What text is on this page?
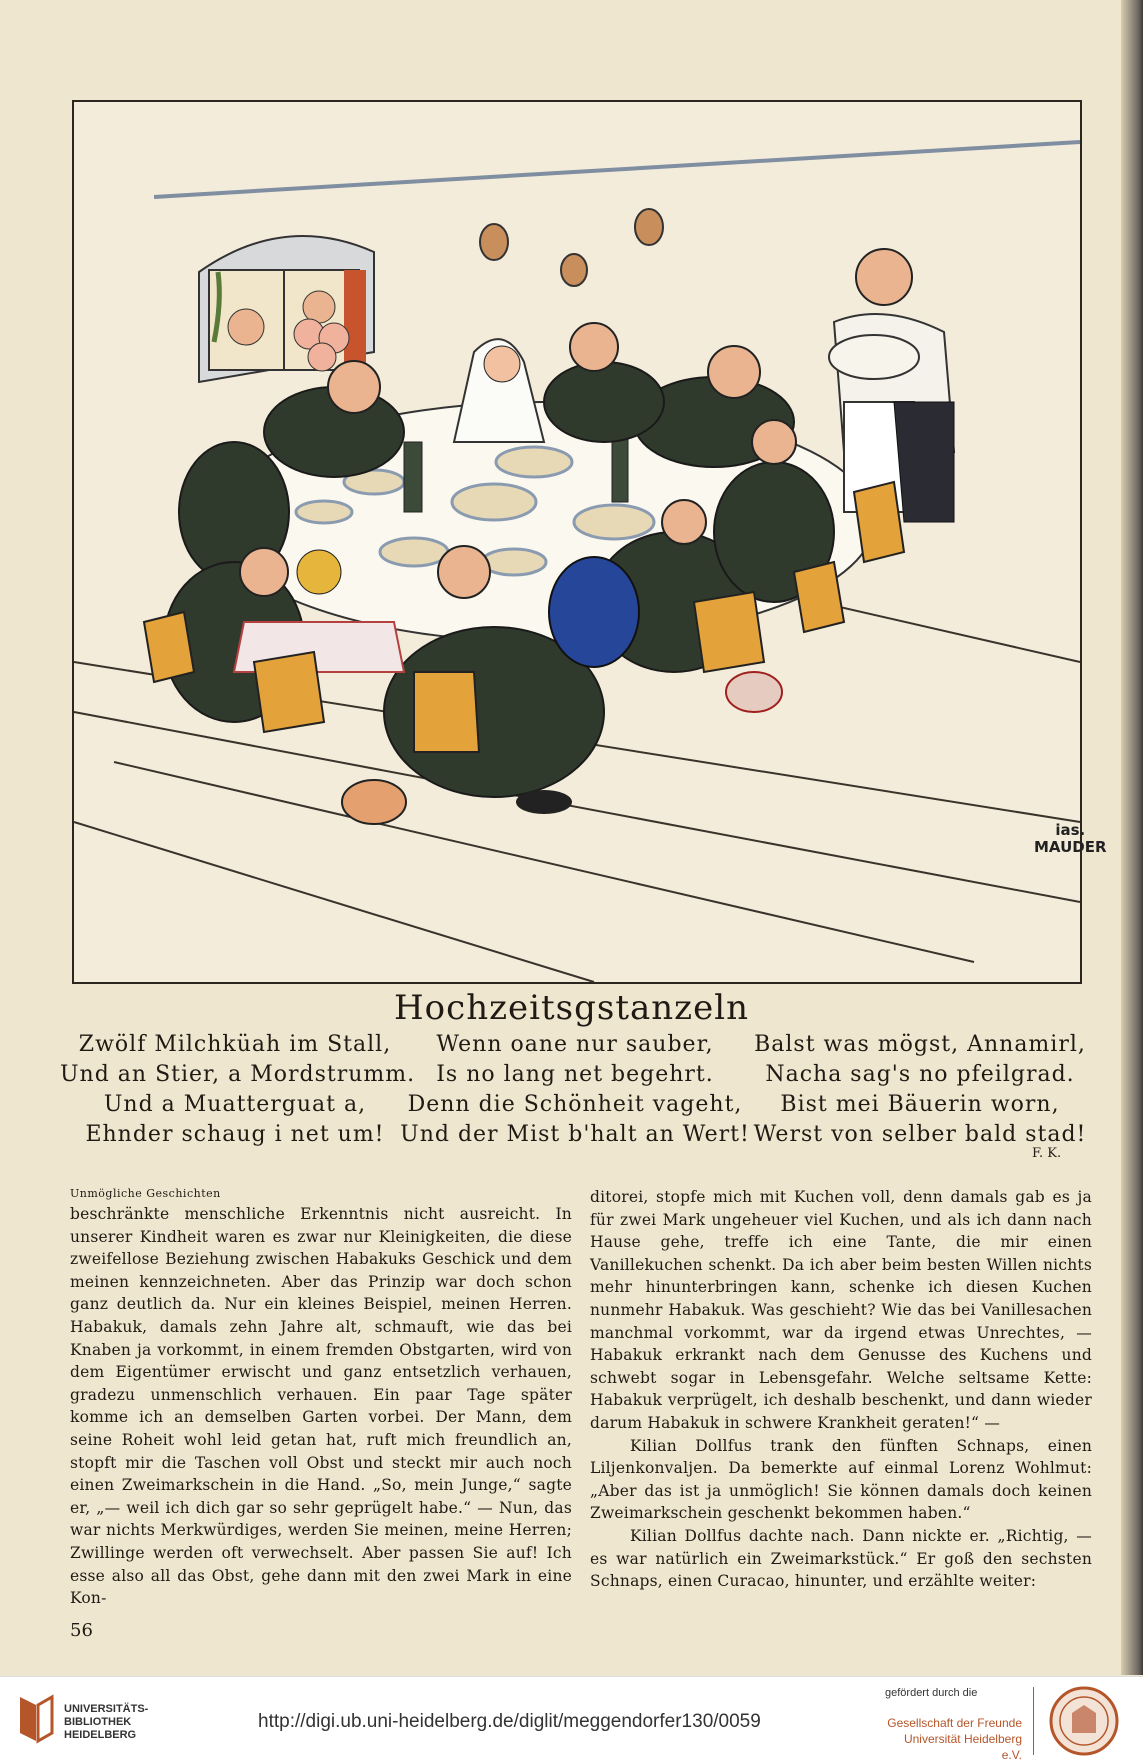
ias.
MAUDER
Hochzeitsgstanzeln
Zwölf Milchküah im Stall,
Und an Stier, a Mordstrumm.
Und a Muatterguat a,
Ehnder schaug i net um!
Wenn oane nur sauber,
Is no lang net begehrt.
Denn die Schönheit vageht,
Und der Mist b'halt an Wert!
Balst was mögst, Annamirl,
Nacha sag's no pfeilgrad.
Bist mei Bäuerin worn,
Werst von selber bald stad!
F. K.
Unmögliche Geschichten

beschränkte menschliche Erkenntnis nicht ausreicht. In unserer Kindheit waren es zwar nur Kleinigkeiten, die diese zweifellose Beziehung zwischen Habakuks Geschick und dem meinen kennzeichneten. Aber das Prinzip war doch schon ganz deutlich da. Nur ein kleines Beispiel, meinen Herren. Habakuk, damals zehn Jahre alt, schmauft, wie das bei Knaben ja vorkommt, in einem fremden Obstgarten, wird von dem Eigentümer erwischt und ganz entsetzlich verhauen, gradezu unmenschlich verhauen. Ein paar Tage später komme ich an demselben Garten vorbei. Der Mann, dem seine Roheit wohl leid getan hat, ruft mich freundlich an, stopft mir die Taschen voll Obst und steckt mir auch noch einen Zweimarkschein in die Hand. „So, mein Junge,“ sagte er, „— weil ich dich gar so sehr geprügelt habe.“ — Nun, das war nichts Merkwürdiges, werden Sie meinen, meine Herren; Zwillinge werden oft verwechselt. Aber passen Sie auf! Ich esse also all das Obst, gehe dann mit den zwei Mark in eine Kon-

ditorei, stopfe mich mit Kuchen voll, denn damals gab es ja für zwei Mark ungeheuer viel Kuchen, und als ich dann nach Hause gehe, treffe ich eine Tante, die mir einen Vanillekuchen schenkt. Da ich aber beim besten Willen nichts mehr hinunterbringen kann, schenke ich diesen Kuchen nunmehr Habakuk. Was geschieht? Wie das bei Vanillesachen manchmal vorkommt, war da irgend etwas Unrechtes, — Habakuk erkrankt nach dem Genusse des Kuchens und schwebt sogar in Lebensgefahr. Welche seltsame Kette: Habakuk verprügelt, ich deshalb beschenkt, und dann wieder darum Habakuk in schwere Krankheit geraten!“ —

Kilian Dollfus trank den fünften Schnaps, einen Liljenkonvaljen. Da bemerkte auf einmal Lorenz Wohlmut: „Aber das ist ja unmöglich! Sie können damals doch keinen Zweimarkschein geschenkt bekommen haben.“

Kilian Dollfus dachte nach. Dann nickte er. „Richtig, — es war natürlich ein Zweimarkstück.“ Er goß den sechsten Schnaps, einen Curacao, hinunter, und erzählte weiter:

56
UNIVERSITÄTS-
BIBLIOTHEK
HEIDELBERG
http://digi.ub.uni-heidelberg.de/diglit/meggendorfer130/0059
gefördert durch die
Gesellschaft der Freunde
Universität Heidelberg e.V.
